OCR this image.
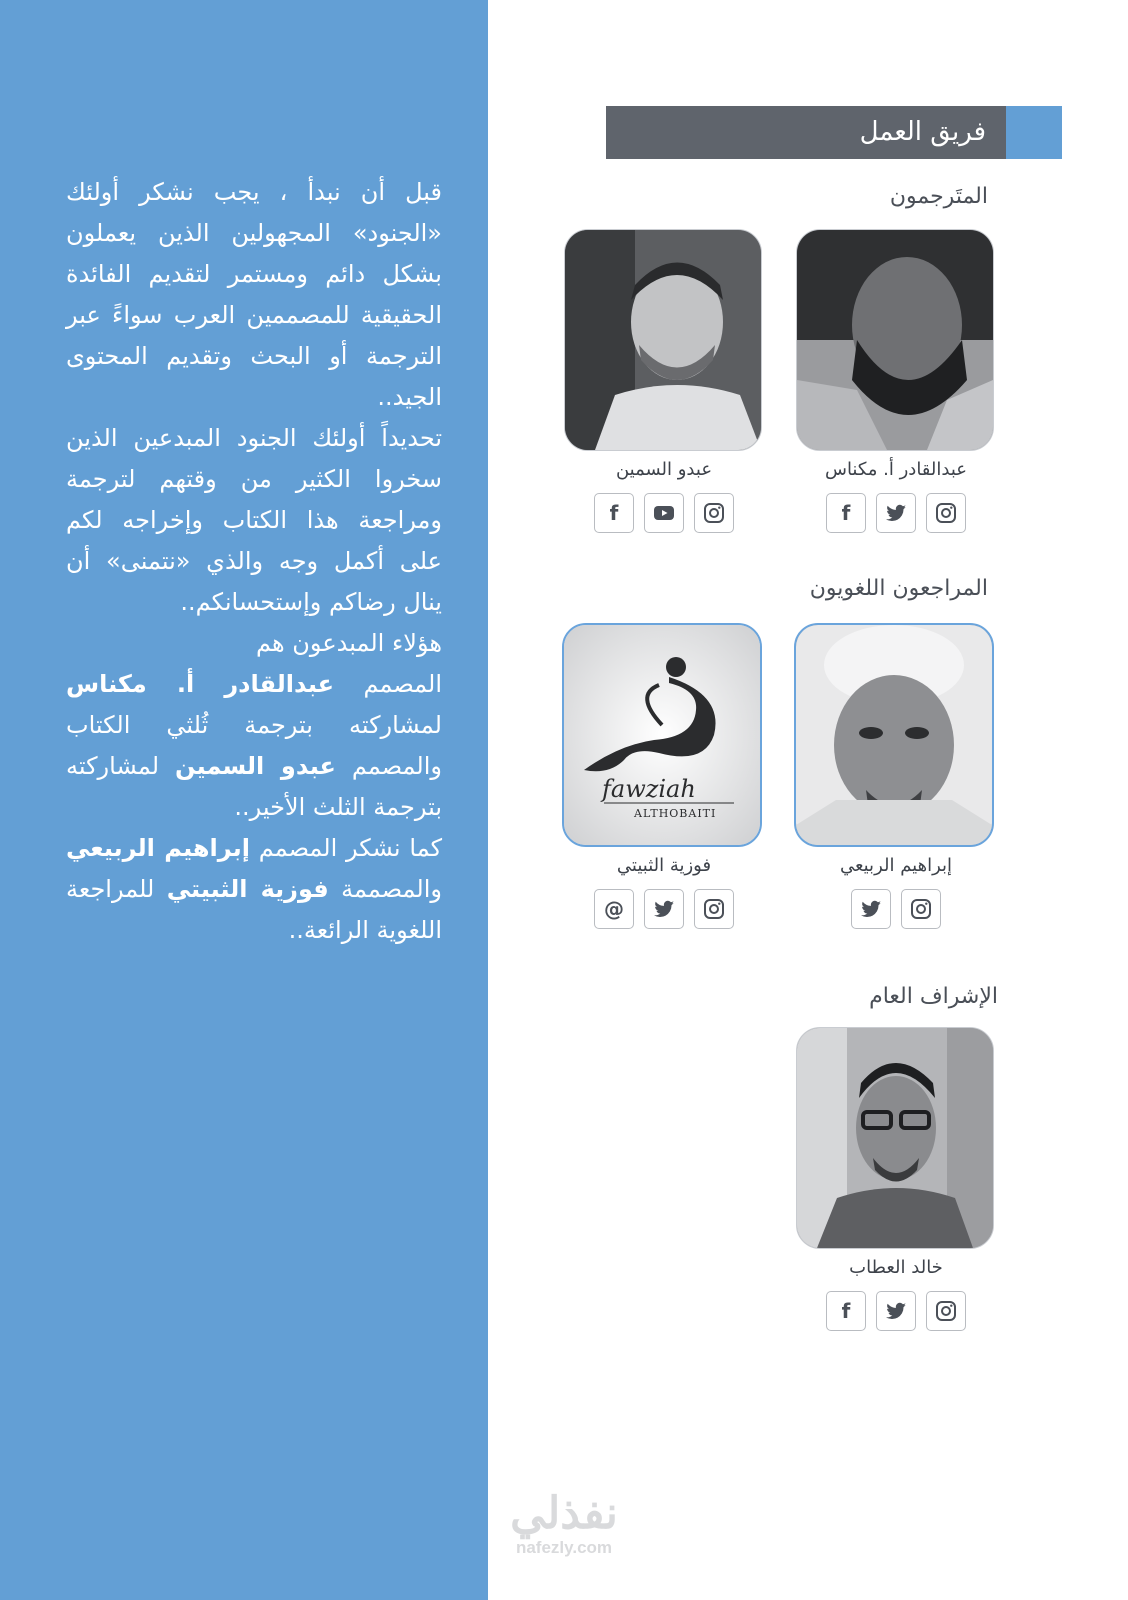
قبل أن نبدأ ، يجب نشكر أولئك «الجنود» المجهولين الذين يعملون بشكل دائم ومستمر لتقديم الفائدة الحقيقية للمصممين العرب سواءً عبر الترجمة أو البحث وتقديم المحتوى الجيد..

تحديداً أولئك الجنود المبدعين الذين سخروا الكثير من وقتهم لترجمة ومراجعة هذا الكتاب وإخراجه لكم على أكمل وجه والذي «نتمنى» أن ينال رضاكم وإستحسانكم..

هؤلاء المبدعون هم

المصمم عبدالقادر أ. مكناس لمشاركته بترجمة ثُلثي الكتاب والمصمم عبدو السمين لمشاركته بترجمة الثلث الأخير..

كما نشكر المصمم إبراهيم الربيعي والمصممة فوزية الثبيتي للمراجعة اللغوية الرائعة..

فريق العمل
المتَرجمون
عبدالقادر أ. مكناس
f
عبدو السمين
f
المراجعون اللغويون
إبراهيم الربيعي
fawziah
ALTHOBAITI
فوزية الثبيتي
@
الإشراف العام
خالد العطاب
f
نفذلي
nafezly.com
